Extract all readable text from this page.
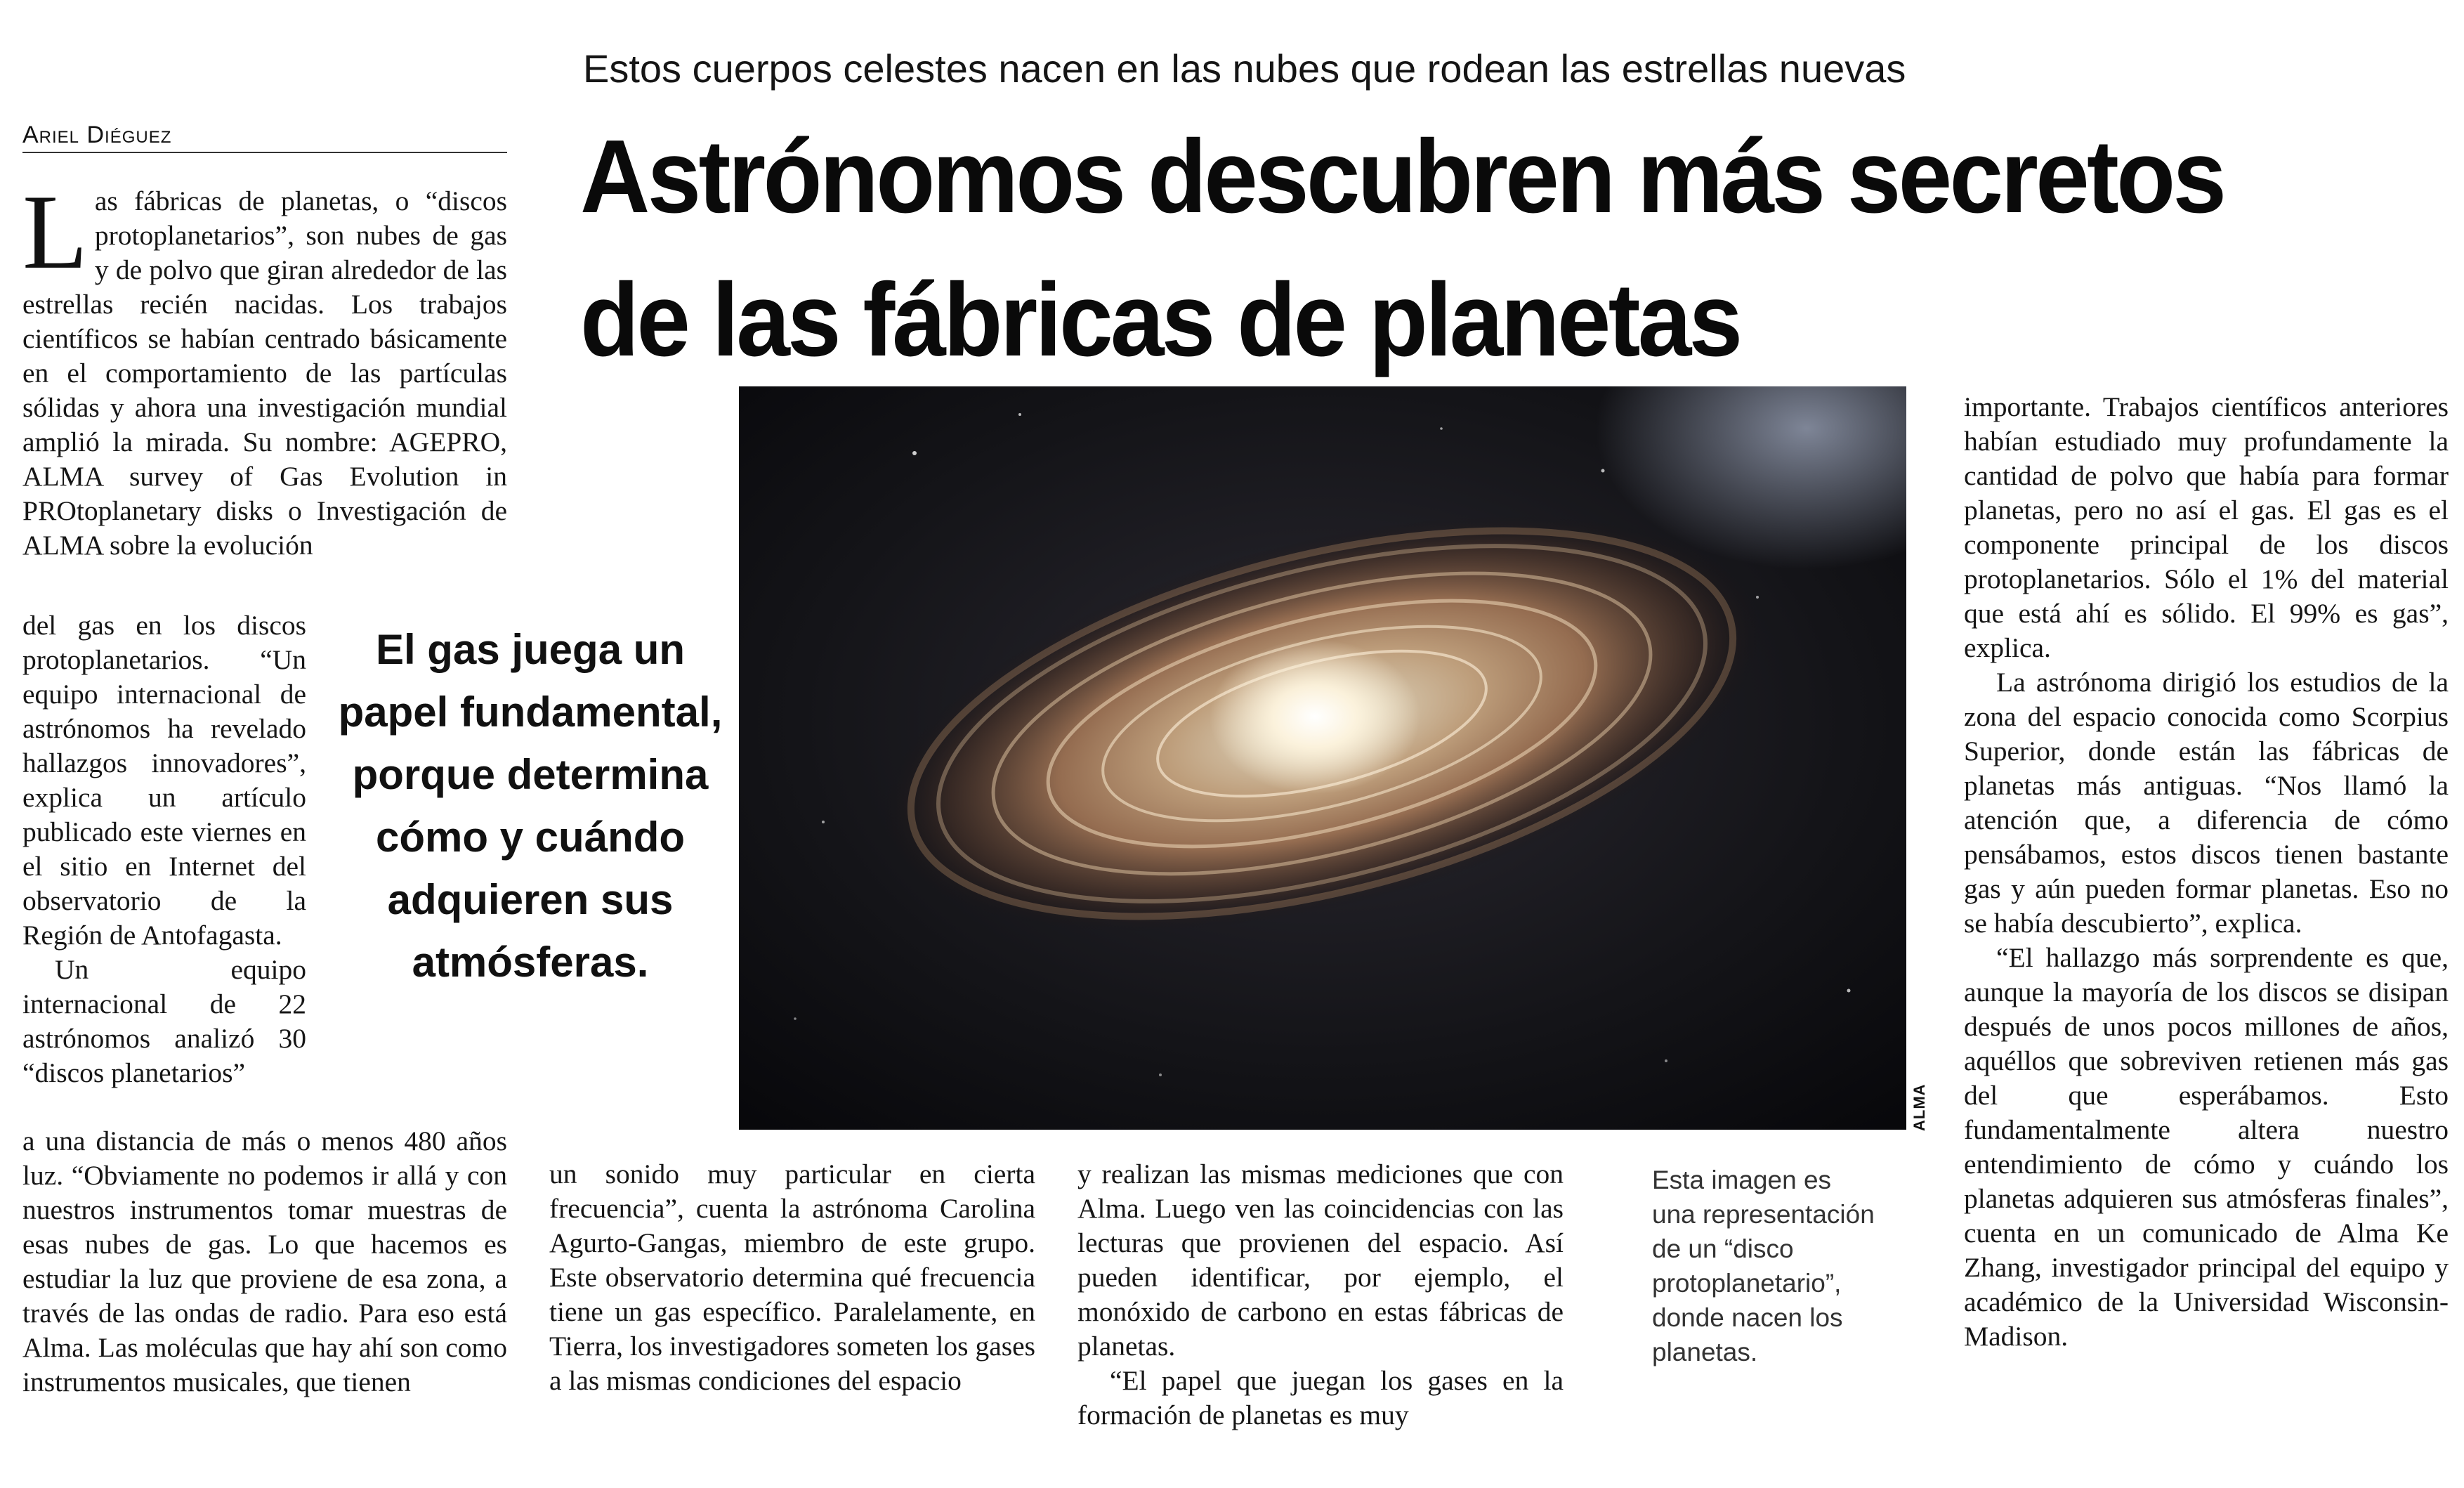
Estos cuerpos celestes nacen en las nubes que rodean las estrellas nuevas
Ariel Diéguez	Astrónomos descubren más secretos de las fábricas de planetas
L as fábricas de planetas, o “discos protoplanetarios”, son nubes de gas y de polvo que giran alrededor de las estrellas recién nacidas. Los trabajos científicos se habían centrado básicamente en el comportamiento de las partículas sólidas y ahora una investigación mundial amplió la mirada. Su nombre: AGEPRO, ALMA survey of Gas Evolution in PROtoplanetary disks o Investigación de ALMA sobre la evolución

del gas en los discos protoplanetarios. “Un equipo internacional de astrónomos ha revelado hallazgos innovadores”, explica un artículo publicado este viernes en el sitio en Internet del observatorio de la Región de Antofagasta.

Un equipo internacional de 22 astrónomos analizó 30 “discos planetarios”

a una distancia de más o menos 480 años luz. “Obviamente no podemos ir allá y con nuestros instrumentos tomar muestras de esas nubes de gas. Lo que hacemos es estudiar la luz que proviene de esa zona, a través de las ondas de radio. Para eso está Alma. Las moléculas que hay ahí son como instrumentos musicales, que tienen
El gas juega un papel fundamental, porque determina cómo y cuándo adquieren sus atmósferas.
ALMA
un sonido muy particular en cierta frecuencia”, cuenta la astrónoma Carolina Agurto-Gangas, miembro de este grupo. Este observatorio determina qué frecuencia tiene un gas específico. Paralelamente, en Tierra, los investigadores someten los gases a las mismas condiciones del espacio

y realizan las mismas mediciones que con Alma. Luego ven las coincidencias con las lecturas que provienen del espacio. Así pueden identificar, por ejemplo, el monóxido de carbono en estas fábricas de planetas.

“El papel que juegan los gases en la formación de planetas es muy

Esta imagen es una representación de un “disco protoplanetario”, donde nacen los planetas.

importante. Trabajos científicos anteriores habían estudiado muy profundamente la cantidad de polvo que había para formar planetas, pero no así el gas. El gas es el componente principal de los discos protoplanetarios. Sólo el 1% del material que está ahí es sólido. El 99% es gas”, explica.

La astrónoma dirigió los estudios de la zona del espacio conocida como Scorpius Superior, donde están las fábricas de planetas más antiguas. “Nos llamó la atención que, a diferencia de cómo pensábamos, estos discos tienen bastante gas y aún pueden formar planetas. Eso no se había descubierto”, explica.

“El hallazgo más sorprendente es que, aunque la mayoría de los discos se disipan después de unos pocos millones de años, aquéllos que sobreviven retienen más gas del que esperábamos. Esto fundamentalmente altera nuestro entendimiento de cómo y cuándo los planetas adquieren sus atmósferas finales”, cuenta en un comunicado de Alma Ke Zhang, investigador principal del equipo y académico de la Universidad Wisconsin-Madison.
